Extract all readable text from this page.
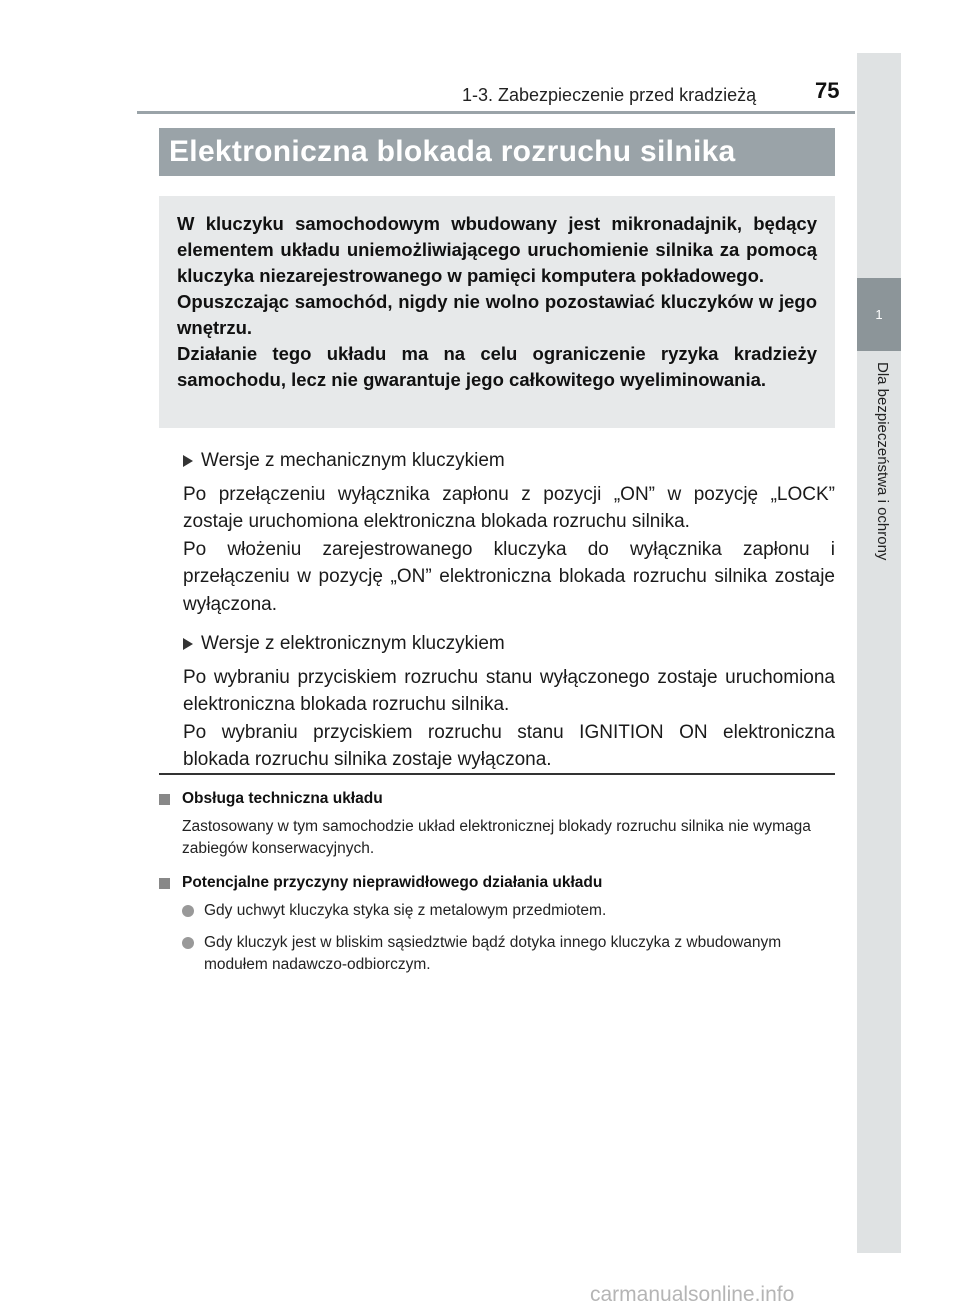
1
Dla bezpieczeństwa i ochrony
1-3. Zabezpieczenie przed kradzieżą	75
Elektroniczna blokada rozruchu silnika

W kluczyku samochodowym wbudowany jest mikronadajnik, będący elementem układu uniemożliwiającego uruchomienie silnika za pomocą kluczyka niezarejestrowanego w pamięci komputera pokładowego.

Opuszczając samochód, nigdy nie wolno pozostawiać kluczyków w jego wnętrzu.

Działanie tego układu ma na celu ograniczenie ryzyka kradzieży samochodu, lecz nie gwarantuje jego całkowitego wyeliminowania.

Wersje z mechanicznym kluczykiem

Po przełączeniu wyłącznika zapłonu z pozycji „ON” w pozycję „LOCK” zostaje uruchomiona elektroniczna blokada rozruchu silnika.

Po włożeniu zarejestrowanego kluczyka do wyłącznika zapłonu i przełączeniu w pozycję „ON” elektroniczna blokada rozruchu silnika zostaje wyłączona.

Wersje z elektronicznym kluczykiem

Po wybraniu przyciskiem rozruchu stanu wyłączonego zostaje uruchomiona elektroniczna blokada rozruchu silnika.

Po wybraniu przyciskiem rozruchu stanu IGNITION ON elektroniczna blokada rozruchu silnika zostaje wyłączona.

Obsługa techniczna układu

Zastosowany w tym samochodzie układ elektronicznej blokady rozruchu silnika nie wymaga zabiegów konserwacyjnych.

Potencjalne przyczyny nieprawidłowego działania układu
Gdy uchwyt kluczyka styka się z metalowym przedmiotem.
Gdy kluczyk jest w bliskim sąsiedztwie bądź dotyka innego kluczyka z wbudowanym modułem nadawczo-odbiorczym.
carmanualsonline.info
